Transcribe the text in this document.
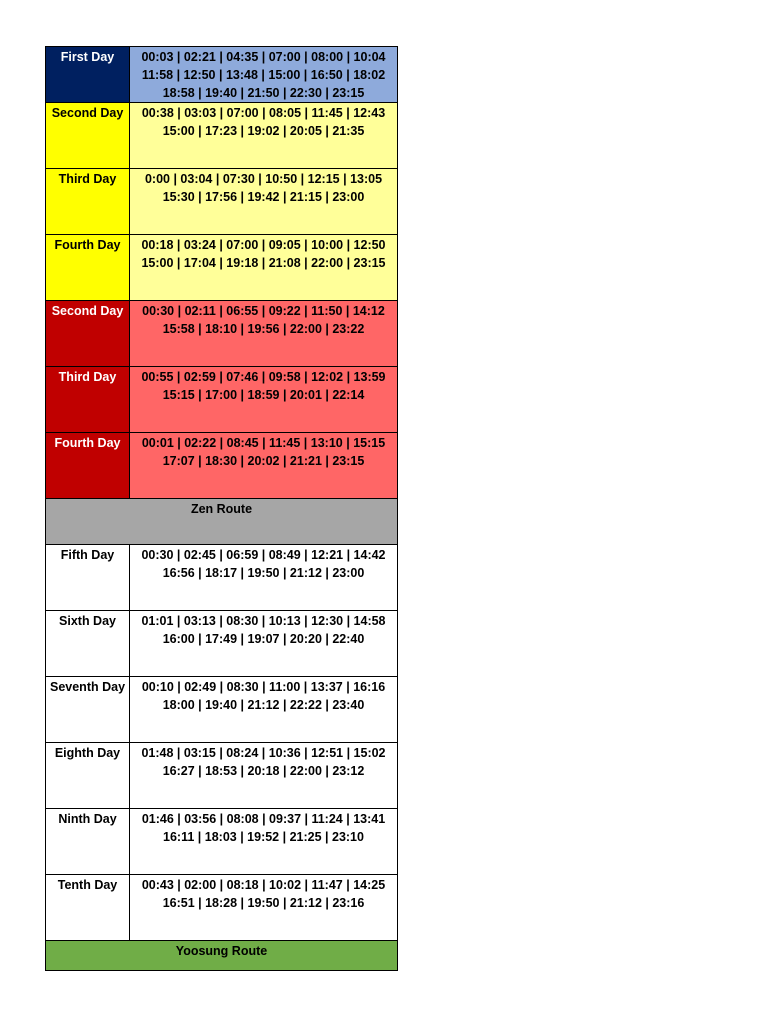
First Day	00:03 | 02:21 | 04:35 | 07:00 | 08:00 | 10:04
11:58 | 12:50 | 13:48 | 15:00 | 16:50 | 18:02
18:58 | 19:40 | 21:50 | 22:30 | 23:15

Second Day	00:38 | 03:03 | 07:00 | 08:05 | 11:45 | 12:43
15:00 | 17:23 | 19:02 | 20:05 | 21:35

Third Day	0:00 | 03:04 | 07:30 | 10:50 | 12:15 | 13:05
15:30 | 17:56 | 19:42 | 21:15 | 23:00

Fourth Day	00:18 | 03:24 | 07:00 | 09:05 | 10:00 | 12:50
15:00 | 17:04 | 19:18 | 21:08 | 22:00 | 23:15

Second Day	00:30 | 02:11 | 06:55 | 09:22 | 11:50 | 14:12
15:58 | 18:10 | 19:56 | 22:00 | 23:22

Third Day	00:55 | 02:59 | 07:46 | 09:58 | 12:02 | 13:59
15:15 | 17:00 | 18:59 | 20:01 | 22:14

Fourth Day	00:01 | 02:22 | 08:45 | 11:45 | 13:10 | 15:15
17:07 | 18:30 | 20:02 | 21:21 | 23:15

Zen Route	
Fifth Day	00:30 | 02:45 | 06:59 | 08:49 | 12:21 | 14:42
16:56 | 18:17 | 19:50 | 21:12 | 23:00

Sixth Day	01:01 | 03:13 | 08:30 | 10:13 | 12:30 | 14:58
16:00 | 17:49 | 19:07 | 20:20 | 22:40

Seventh Day	00:10 | 02:49 | 08:30 | 11:00 | 13:37 | 16:16
18:00 | 19:40 | 21:12 | 22:22 | 23:40

Eighth Day	01:48 | 03:15 | 08:24 | 10:36 | 12:51 | 15:02
16:27 | 18:53 | 20:18 | 22:00 | 23:12

Ninth Day	01:46 | 03:56 | 08:08 | 09:37 | 11:24 | 13:41
16:11 | 18:03 | 19:52 | 21:25 | 23:10

Tenth Day	00:43 | 02:00 | 08:18 | 10:02 | 11:47 | 14:25
16:51 | 18:28 | 19:50 | 21:12 | 23:16

Yoosung Route	
